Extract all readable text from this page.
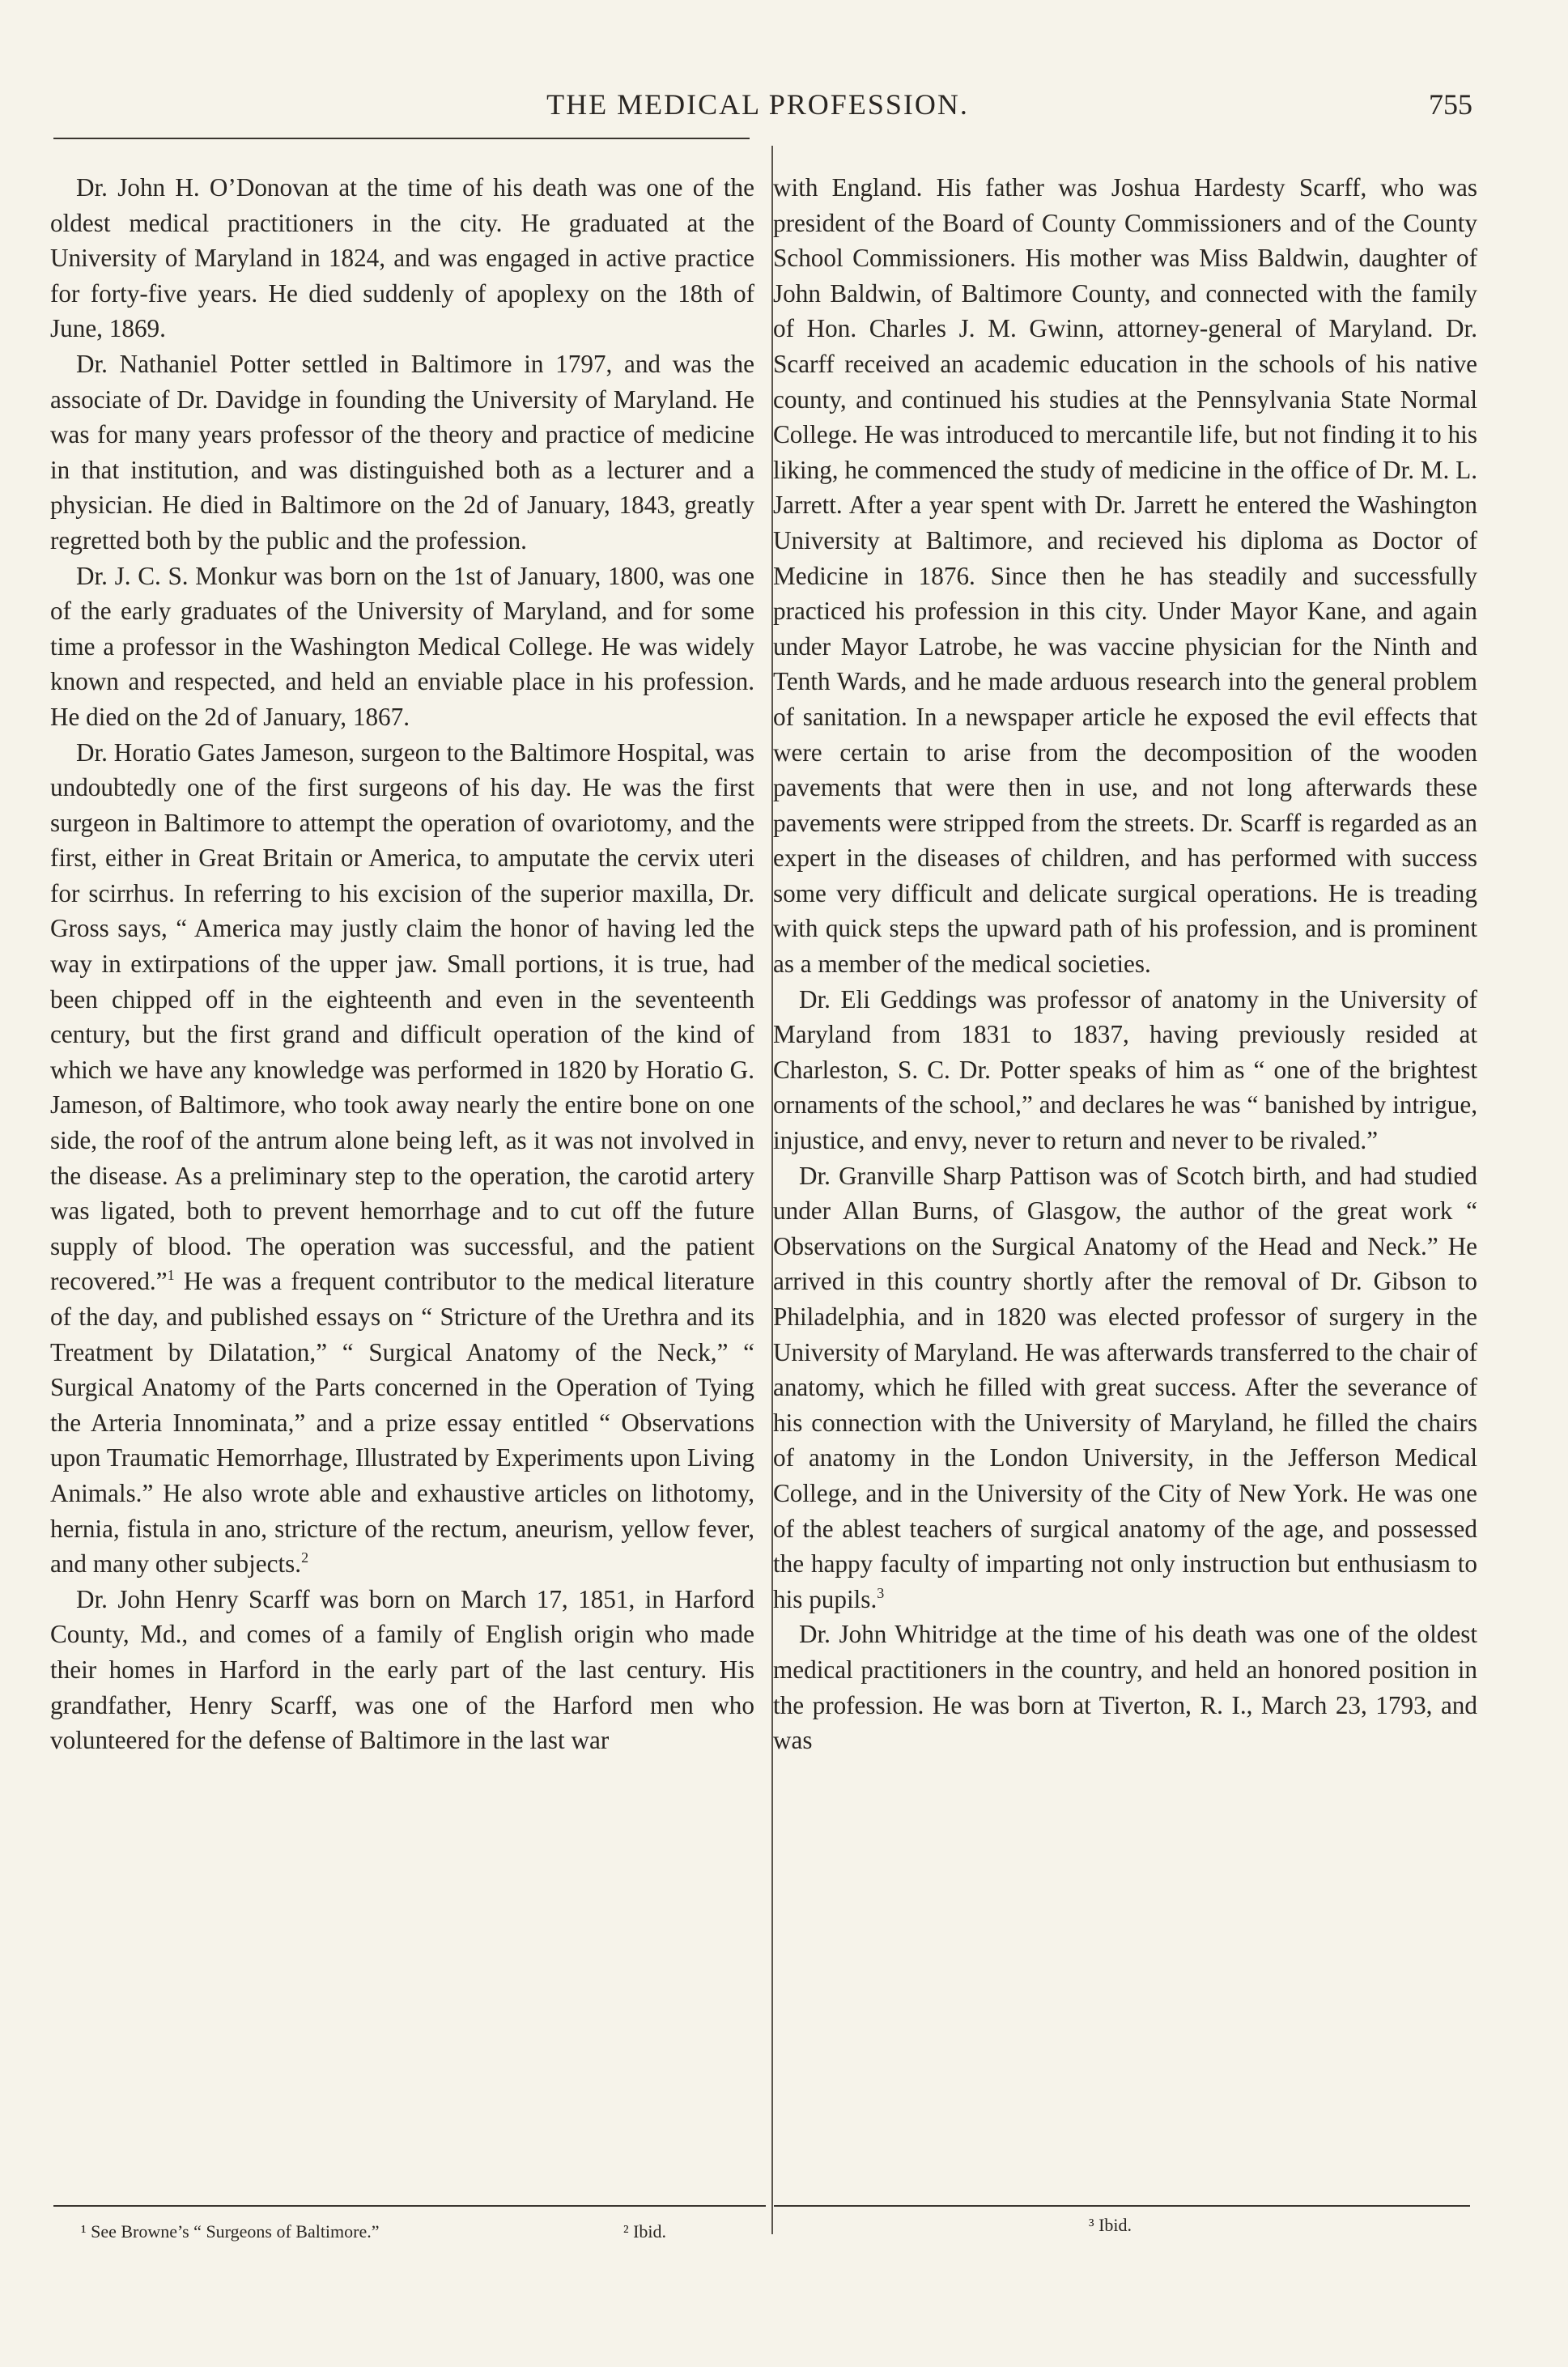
THE MEDICAL PROFESSION.	755

Dr. John H. O’Donovan at the time of his death was one of the oldest medical practitioners in the city. He graduated at the University of Maryland in 1824, and was engaged in active practice for forty-five years. He died suddenly of apoplexy on the 18th of June, 1869.

Dr. Nathaniel Potter settled in Baltimore in 1797, and was the associate of Dr. Davidge in founding the University of Maryland. He was for many years professor of the theory and practice of medicine in that institution, and was distinguished both as a lecturer and a physician. He died in Baltimore on the 2d of January, 1843, greatly regretted both by the public and the profession.

Dr. J. C. S. Monkur was born on the 1st of January, 1800, was one of the early graduates of the University of Maryland, and for some time a professor in the Washington Medical College. He was widely known and respected, and held an enviable place in his profession. He died on the 2d of January, 1867.

Dr. Horatio Gates Jameson, surgeon to the Baltimore Hospital, was undoubtedly one of the first surgeons of his day. He was the first surgeon in Baltimore to attempt the operation of ovariotomy, and the first, either in Great Britain or America, to amputate the cervix uteri for scirrhus. In referring to his excision of the superior maxilla, Dr. Gross says, “ America may justly claim the honor of having led the way in extirpations of the upper jaw. Small portions, it is true, had been chipped off in the eighteenth and even in the seventeenth century, but the first grand and difficult operation of the kind of which we have any knowledge was performed in 1820 by Horatio G. Jameson, of Baltimore, who took away nearly the entire bone on one side, the roof of the antrum alone being left, as it was not involved in the disease. As a preliminary step to the operation, the carotid artery was ligated, both to prevent hemorrhage and to cut off the future supply of blood. The operation was successful, and the patient recovered.”$^1$ He was a frequent contributor to the medical literature of the day, and published essays on “ Stricture of the Urethra and its Treatment by Dilatation,” “ Surgical Anatomy of the Neck,” “ Surgical Anatomy of the Parts concerned in the Operation of Tying the Arteria Innominata,” and a prize essay entitled “ Observations upon Traumatic Hemorrhage, Illustrated by Experiments upon Living Animals.” He also wrote able and exhaustive articles on lithotomy, hernia, fistula in ano, stricture of the rectum, aneurism, yellow fever, and many other subjects.$^2$

Dr. John Henry Scarff was born on March 17, 1851, in Harford County, Md., and comes of a family of English origin who made their homes in Harford in the early part of the last century. His grandfather, Henry Scarff, was one of the Harford men who volunteered for the defense of Baltimore in the last war

with England. His father was Joshua Hardesty Scarff, who was president of the Board of County Commissioners and of the County School Commissioners. His mother was Miss Baldwin, daughter of John Baldwin, of Baltimore County, and connected with the family of Hon. Charles J. M. Gwinn, attorney-general of Maryland. Dr. Scarff received an academic education in the schools of his native county, and continued his studies at the Pennsylvania State Normal College. He was introduced to mercantile life, but not finding it to his liking, he commenced the study of medicine in the office of Dr. M. L. Jarrett. After a year spent with Dr. Jarrett he entered the Washington University at Baltimore, and recieved his diploma as Doctor of Medicine in 1876. Since then he has steadily and successfully practiced his profession in this city. Under Mayor Kane, and again under Mayor Latrobe, he was vaccine physician for the Ninth and Tenth Wards, and he made arduous research into the general problem of sanitation. In a newspaper article he exposed the evil effects that were certain to arise from the decomposition of the wooden pavements that were then in use, and not long afterwards these pavements were stripped from the streets. Dr. Scarff is regarded as an expert in the diseases of children, and has performed with success some very difficult and delicate surgical operations. He is treading with quick steps the upward path of his profession, and is prominent as a member of the medical societies.

Dr. Eli Geddings was professor of anatomy in the University of Maryland from 1831 to 1837, having previously resided at Charleston, S. C. Dr. Potter speaks of him as “ one of the brightest ornaments of the school,” and declares he was “ banished by intrigue, injustice, and envy, never to return and never to be rivaled.”

Dr. Granville Sharp Pattison was of Scotch birth, and had studied under Allan Burns, of Glasgow, the author of the great work “ Observations on the Surgical Anatomy of the Head and Neck.” He arrived in this country shortly after the removal of Dr. Gibson to Philadelphia, and in 1820 was elected professor of surgery in the University of Maryland. He was afterwards transferred to the chair of anatomy, which he filled with great success. After the severance of his connection with the University of Maryland, he filled the chairs of anatomy in the London University, in the Jefferson Medical College, and in the University of the City of New York. He was one of the ablest teachers of surgical anatomy of the age, and possessed the happy faculty of imparting not only instruction but enthusiasm to his pupils.$^3$

Dr. John Whitridge at the time of his death was one of the oldest medical practitioners in the country, and held an honored position in the profession. He was born at Tiverton, R. I., March 23, 1793, and was

¹ See Browne’s “ Surgeons of Baltimore.”	² Ibid.	³ Ibid.
